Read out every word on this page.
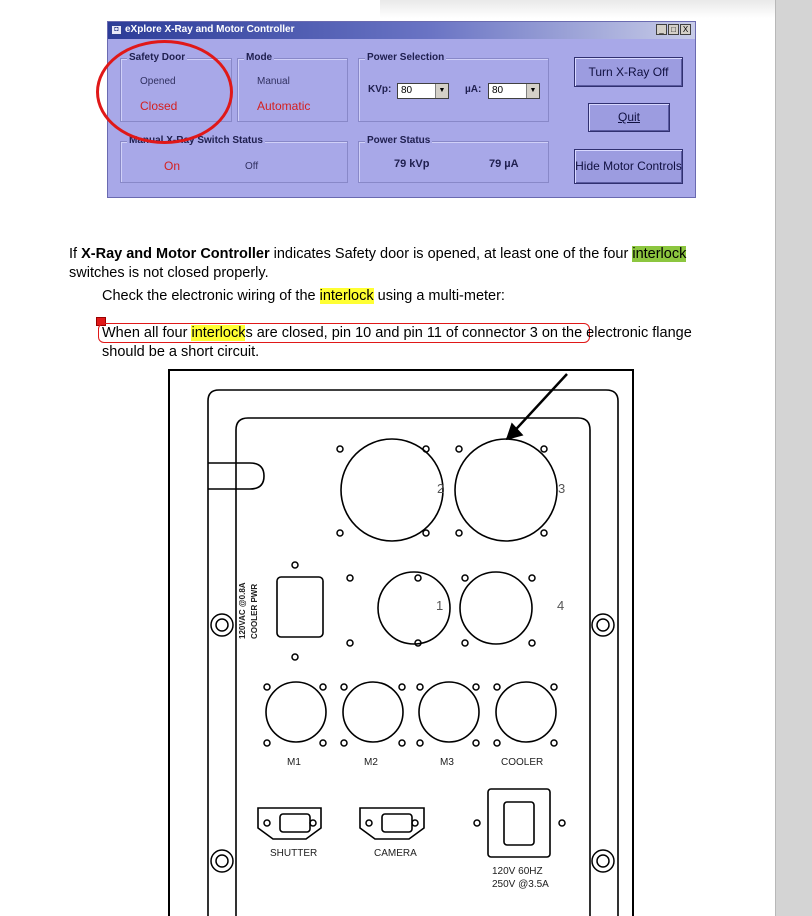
◘ eXplore X-Ray and Motor Controller	_ □ X
Safety Door
Opened
Closed
Mode
Manual
Automatic
Power Selection
KVp: 80	▼ µA:	80	▼
Manual X-Ray Switch Status
On	Off
Power Status
79 kVp	79 µA
Turn X-Ray Off
Quit
Hide Motor Controls
If X-Ray and Motor Controller indicates Safety door is opened, at least one of the four interlock
switches is not closed properly.
Check the electronic wiring of the interlock using a multi-meter:
When all four interlocks are closed, pin 10 and pin 11 of connector 3 on the electronic flange
should be a short circuit.
2	3
1	4
120VAC @0.8A COOLER PWR
M1	M2	M3	COOLER
SHUTTER	CAMERA
120V 60HZ
250V @3.5A
